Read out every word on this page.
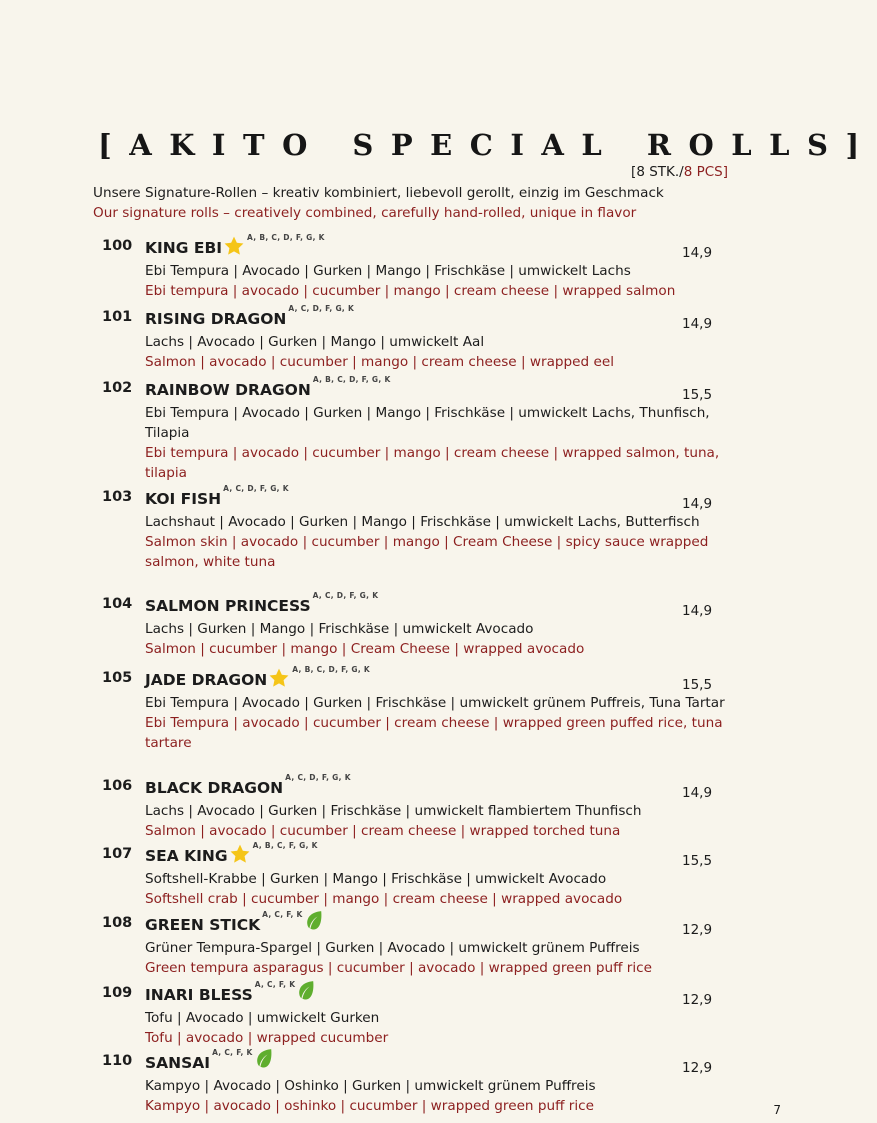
[AKITO SPECIAL ROLLS]
[8 STK./8 PCS]
Unsere Signature-Rollen – kreativ kombiniert, liebevoll gerollt, einzig im Geschmack
Our signature rolls – creatively combined, carefully hand-rolled, unique in flavor
100 KING EBI
A, B, C, D, F, G, K
14,9
Ebi Tempura | Avocado | Gurken | Mango | Frischkäse | umwickelt Lachs
Ebi tempura | avocado | cucumber | mango | cream cheese | wrapped salmon
101 RISING DRAGON
A, C, D, F, G, K
14,9
Lachs | Avocado | Gurken | Mango | umwickelt Aal
Salmon | avocado | cucumber | mango | cream cheese | wrapped eel
102 RAINBOW DRAGON
A, B, C, D, F, G, K
15,5
Ebi Tempura | Avocado | Gurken | Mango | Frischkäse | umwickelt Lachs, Thunfisch, Tilapia
Ebi tempura | avocado | cucumber | mango | cream cheese | wrapped salmon, tuna, tilapia
103 KOI FISH
A, C, D, F, G, K
14,9
Lachshaut | Avocado | Gurken | Mango | Frischkäse | umwickelt Lachs, Butterfisch
Salmon skin | avocado | cucumber | mango | Cream Cheese | spicy sauce wrapped salmon, white tuna
104 SALMON PRINCESS
A, C, D, F, G, K
14,9
Lachs | Gurken | Mango | Frischkäse | umwickelt Avocado
Salmon | cucumber | mango | Cream Cheese | wrapped avocado
105 JADE DRAGON
A, B, C, D, F, G, K
15,5
Ebi Tempura | Avocado | Gurken | Frischkäse | umwickelt grünem Puffreis, Tuna Tartar
Ebi Tempura | avocado | cucumber | cream cheese | wrapped green puffed rice, tuna tartare
106 BLACK DRAGON
A, C, D, F, G, K
14,9
Lachs | Avocado | Gurken | Frischkäse | umwickelt flambiertem Thunfisch
Salmon | avocado | cucumber | cream cheese | wrapped torched tuna
107 SEA KING
A, B, C, F, G, K
15,5
Softshell-Krabbe | Gurken | Mango | Frischkäse | umwickelt Avocado
Softshell crab | cucumber | mango | cream cheese | wrapped avocado
108 GREEN STICK
A, C, F, K
12,9
Grüner Tempura-Spargel | Gurken | Avocado | umwickelt grünem Puffreis
Green tempura asparagus | cucumber | avocado | wrapped green puff rice
109 INARI BLESS
A, C, F, K
12,9
Tofu | Avocado | umwickelt Gurken
Tofu | avocado | wrapped cucumber
110 SANSAI
A, C, F, K
12,9
Kampyo | Avocado | Oshinko | Gurken | umwickelt grünem Puffreis
Kampyo | avocado | oshinko | cucumber | wrapped green puff rice	7
